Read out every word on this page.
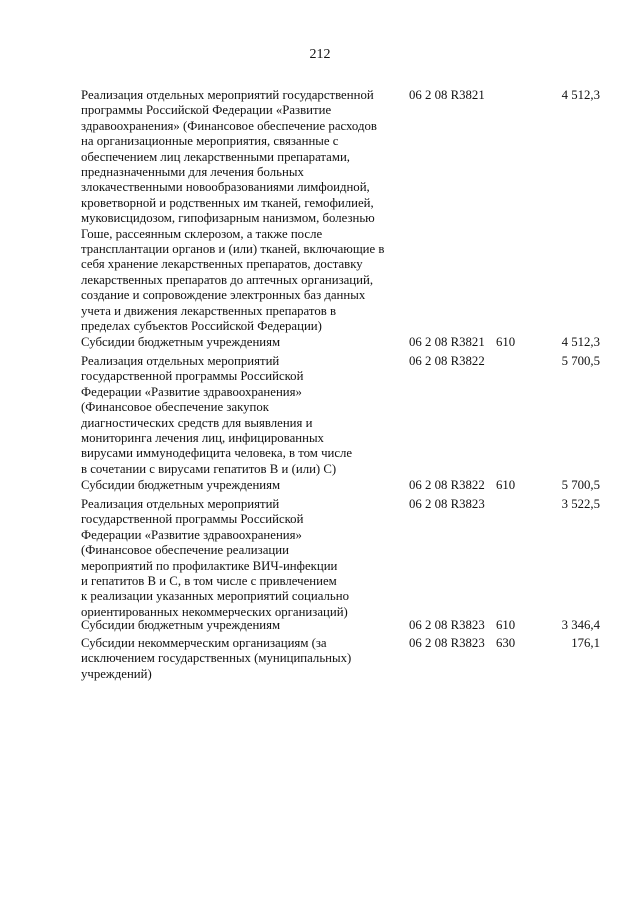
212
Реализация отдельных мероприятий государственной
программы Российской Федерации «Развитие
здравоохранения» (Финансовое обеспечение расходов
на организационные мероприятия, связанные с
обеспечением лиц лекарственными препаратами,
предназначенными для лечения больных
злокачественными новообразованиями лимфоидной,
кроветворной и родственных им тканей, гемофилией,
муковисцидозом, гипофизарным нанизмом, болезнью
Гоше, рассеянным склерозом, а также после
трансплантации органов и (или) тканей, включающие в
себя хранение лекарственных препаратов, доставку
лекарственных препаратов до аптечных организаций,
создание и сопровождение электронных баз данных
учета и движения лекарственных препаратов в
пределах субъектов Российской Федерации)
06 2 08 R3821	4 512,3
Субсидии бюджетным учреждениям	06 2 08 R3821 610	4 512,3
Реализация отдельных мероприятий
государственной программы Российской
Федерации «Развитие здравоохранения»
(Финансовое обеспечение закупок
диагностических средств для выявления и
мониторинга лечения лиц, инфицированных
вирусами иммунодефицита человека, в том числе
в сочетании с вирусами гепатитов В и (или) С)
06 2 08 R3822	5 700,5
Субсидии бюджетным учреждениям	06 2 08 R3822 610	5 700,5
Реализация отдельных мероприятий
государственной программы Российской
Федерации «Развитие здравоохранения»
(Финансовое обеспечение реализации
мероприятий по профилактике ВИЧ-инфекции
и гепатитов В и С, в том числе с привлечением
к реализации указанных мероприятий социально
ориентированных некоммерческих организаций)
06 2 08 R3823	3 522,5
Субсидии бюджетным учреждениям	06 2 08 R3823 610	3 346,4
Субсидии некоммерческим организациям (за
исключением государственных (муниципальных)
учреждений)
06 2 08 R3823 630	176,1
